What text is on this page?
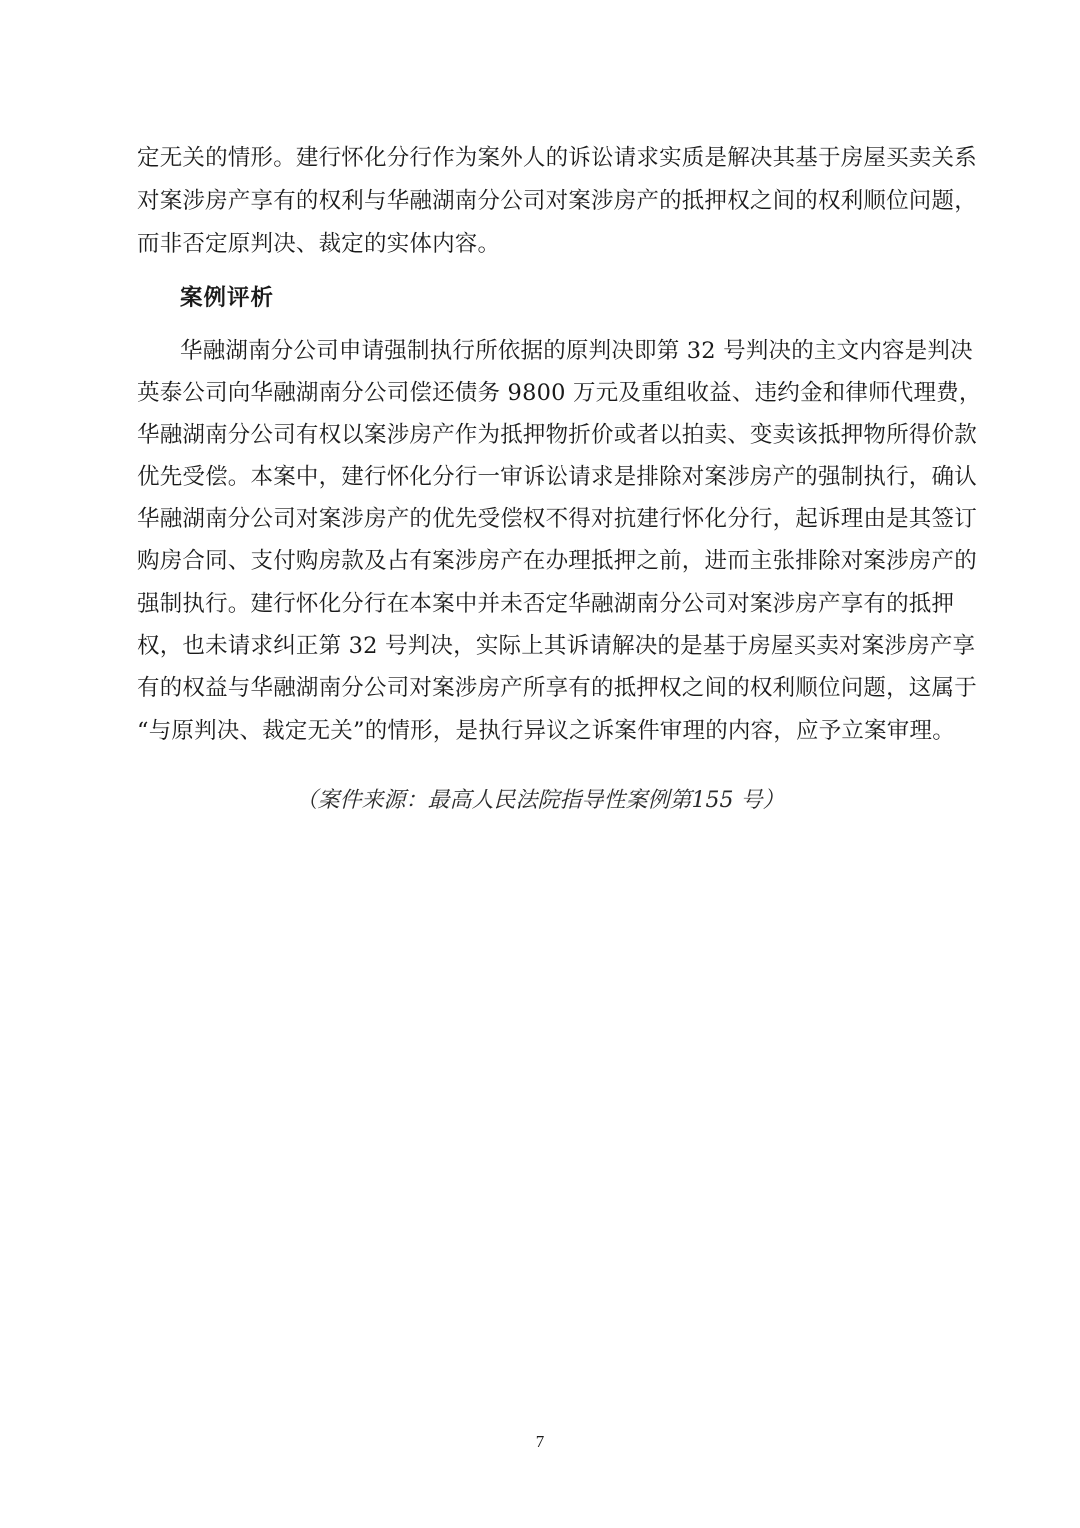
定无关的情形。建行怀化分行作为案外人的诉讼请求实质是解决其基于房屋买卖关系
对案涉房产享有的权利与华融湖南分公司对案涉房产的抵押权之间的权利顺位问题，
而非否定原判决、裁定的实体内容。
案例评析
华融湖南分公司申请强制执行所依据的原判决即第 32 号判决的主文内容是判决
英泰公司向华融湖南分公司偿还债务 9800 万元及重组收益、违约金和律师代理费，
华融湖南分公司有权以案涉房产作为抵押物折价或者以拍卖、变卖该抵押物所得价款
优先受偿。本案中，建行怀化分行一审诉讼请求是排除对案涉房产的强制执行，确认
华融湖南分公司对案涉房产的优先受偿权不得对抗建行怀化分行，起诉理由是其签订
购房合同、支付购房款及占有案涉房产在办理抵押之前，进而主张排除对案涉房产的
强制执行。建行怀化分行在本案中并未否定华融湖南分公司对案涉房产享有的抵押
权，也未请求纠正第 32 号判决，实际上其诉请解决的是基于房屋买卖对案涉房产享
有的权益与华融湖南分公司对案涉房产所享有的抵押权之间的权利顺位问题，这属于
“与原判决、裁定无关”的情形，是执行异议之诉案件审理的内容，应予立案审理。
（案件来源：最高人民法院指导性案例第155 号）
7
